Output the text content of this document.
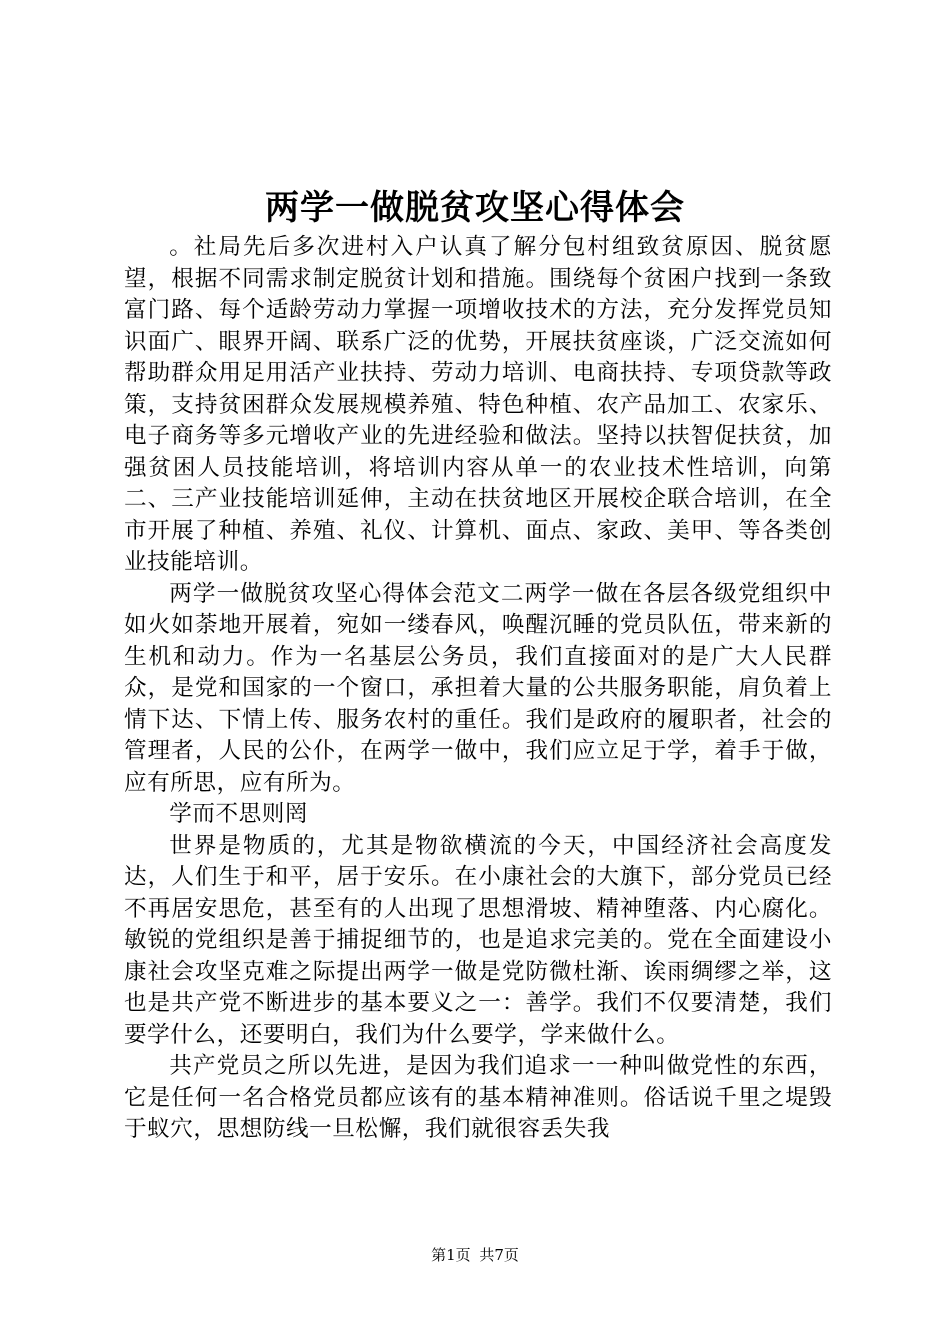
两学一做脱贫攻坚心得体会

。社局先后多次进村入户认真了解分包村组致贫原因、脱贫愿望，根据不同需求制定脱贫计划和措施。围绕每个贫困户找到一条致富门路、每个适龄劳动力掌握一项增收技术的方法，充分发挥党员知识面广、眼界开阔、联系广泛的优势，开展扶贫座谈，广泛交流如何帮助群众用足用活产业扶持、劳动力培训、电商扶持、专项贷款等政策，支持贫困群众发展规模养殖、特色种植、农产品加工、农家乐、电子商务等多元增收产业的先进经验和做法。坚持以扶智促扶贫，加强贫困人员技能培训，将培训内容从单一的农业技术性培训，向第二、三产业技能培训延伸，主动在扶贫地区开展校企联合培训，在全市开展了种植、养殖、礼仪、计算机、面点、家政、美甲、等各类创业技能培训。

两学一做脱贫攻坚心得体会范文二两学一做在各层各级党组织中如火如荼地开展着，宛如一缕春风，唤醒沉睡的党员队伍，带来新的生机和动力。作为一名基层公务员，我们直接面对的是广大人民群众，是党和国家的一个窗口，承担着大量的公共服务职能，肩负着上情下达、下情上传、服务农村的重任。我们是政府的履职者，社会的管理者，人民的公仆，在两学一做中，我们应立足于学，着手于做，应有所思，应有所为。

学而不思则罔

世界是物质的，尤其是物欲横流的今天，中国经济社会高度发达，人们生于和平，居于安乐。在小康社会的大旗下，部分党员已经不再居安思危，甚至有的人出现了思想滑坡、精神堕落、内心腐化。敏锐的党组织是善于捕捉细节的，也是追求完美的。党在全面建设小康社会攻坚克难之际提出两学一做是党防微杜渐、诶雨绸缪之举，这也是共产党不断进步的基本要义之一：善学。我们不仅要清楚，我们要学什么，还要明白，我们为什么要学，学来做什么。

共产党员之所以先进，是因为我们追求一一种叫做党性的东西，它是任何一名合格党员都应该有的基本精神准则。俗话说千里之堤毁于蚁穴，思想防线一旦松懈，我们就很容丢失我

第1页 共7页
